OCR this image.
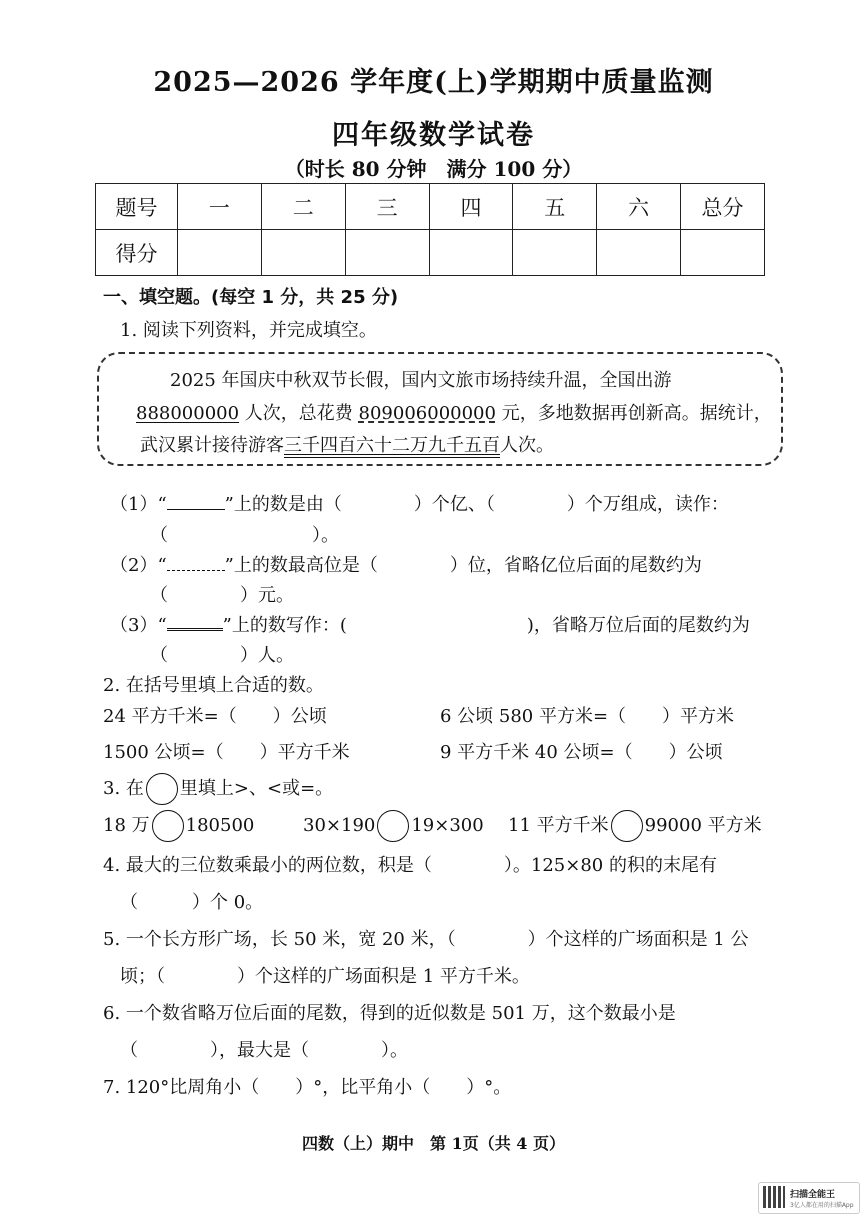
2025—2026 学年度(上)学期期中质量监测
四年级数学试卷
（时长 80 分钟　满分 100 分）
题号	一	二	三	四	五	六	总分
得分							
一、填空题。(每空 1 分，共 25 分)
1. 阅读下列资料，并完成填空。
2025 年国庆中秋双节长假，国内文旅市场持续升温，全国出游
888000000 人次，总花费 809006000000 元，多地数据再创新高。据统计，
武汉累计接待游客三千四百六十二万九千五百人次。
（1）“	”上的数是由（　　　　）个亿、（　　　　）个万组成，读作：
（　　　　　　　　）。
（2）“	”上的数最高位是（　　　　）位，省略亿位后面的尾数约为
（　　　　）元。
（3）“	”上的数写作：(　　　　　　　　　　)，省略万位后面的尾数约为
（　　　　）人。
2. 在括号里填上合适的数。
24 平方千米=（　　）公顷	6 公顷 580 平方米=（　　）平方米
1500 公顷=（　　）平方千米	9 平方千米 40 公顷=（　　）公顷
3. 在 里填上>、<或=。
18 万 180500	30×190 19×300 11 平方千米 99000 平方米
4. 最大的三位数乘最小的两位数，积是（　　　　）。125×80 的积的末尾有
（　　　）个 0。
5. 一个长方形广场，长 50 米，宽 20 米，（　　　　）个这样的广场面积是 1 公
顷；（　　　　）个这样的广场面积是 1 平方千米。
6. 一个数省略万位后面的尾数，得到的近似数是 501 万，这个数最小是
（　　　　），最大是（　　　　）。
7. 120°比周角小（　　）°，比平角小（　　）°。
四数（上）期中　第 1页（共 4 页）
扫描全能王
3亿人都在用的扫描App
